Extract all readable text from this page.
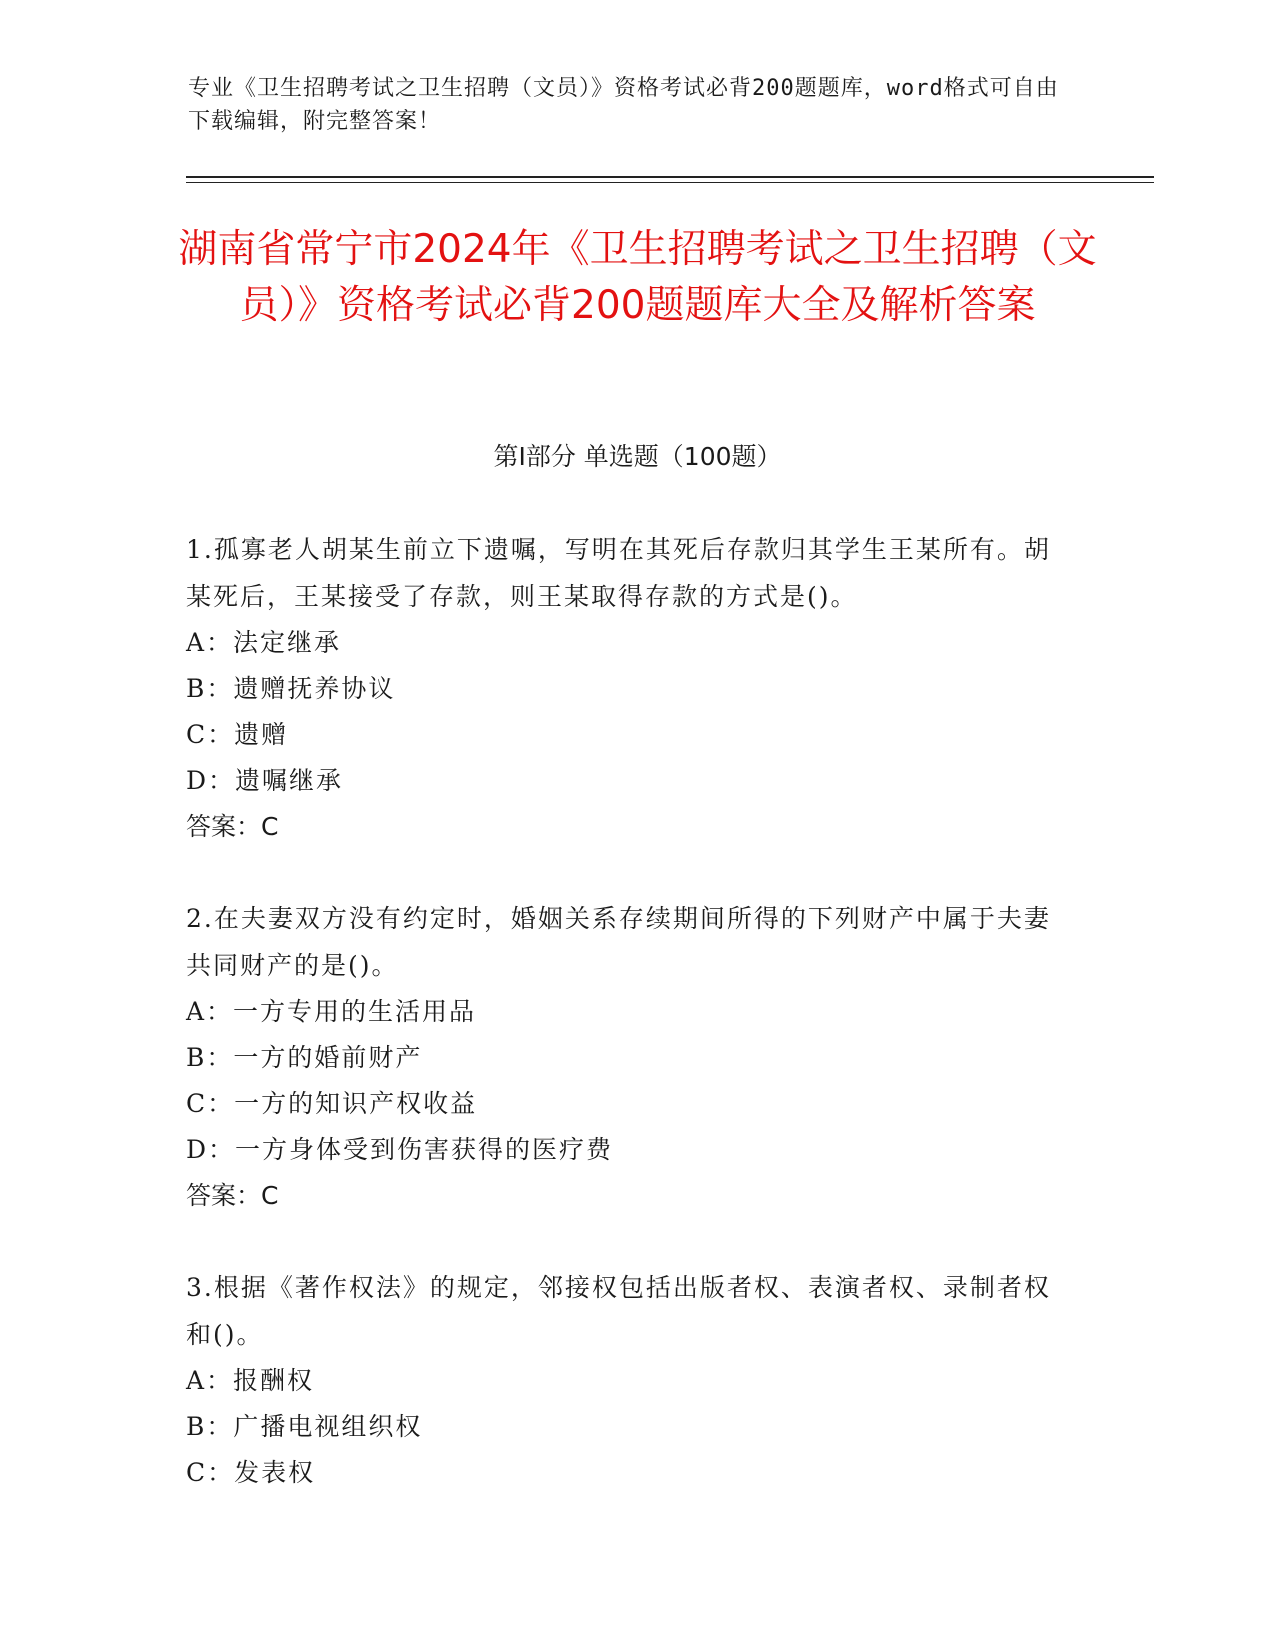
专业《卫生招聘考试之卫生招聘（文员）》资格考试必背200题题库，word格式可自由下载编辑，附完整答案！
湖南省常宁市2024年《卫生招聘考试之卫生招聘（文员）》资格考试必背200题题库大全及解析答案
第I部分 单选题（100题）
1.孤寡老人胡某生前立下遗嘱，写明在其死后存款归其学生王某所有。胡某死后，王某接受了存款，则王某取得存款的方式是()。
A：法定继承
B：遗赠抚养协议
C：遗赠
D：遗嘱继承
答案：C
2.在夫妻双方没有约定时，婚姻关系存续期间所得的下列财产中属于夫妻共同财产的是()。
A：一方专用的生活用品
B：一方的婚前财产
C：一方的知识产权收益
D：一方身体受到伤害获得的医疗费
答案：C
3.根据《著作权法》的规定，邻接权包括出版者权、表演者权、录制者权和()。
A：报酬权
B：广播电视组织权
C：发表权
